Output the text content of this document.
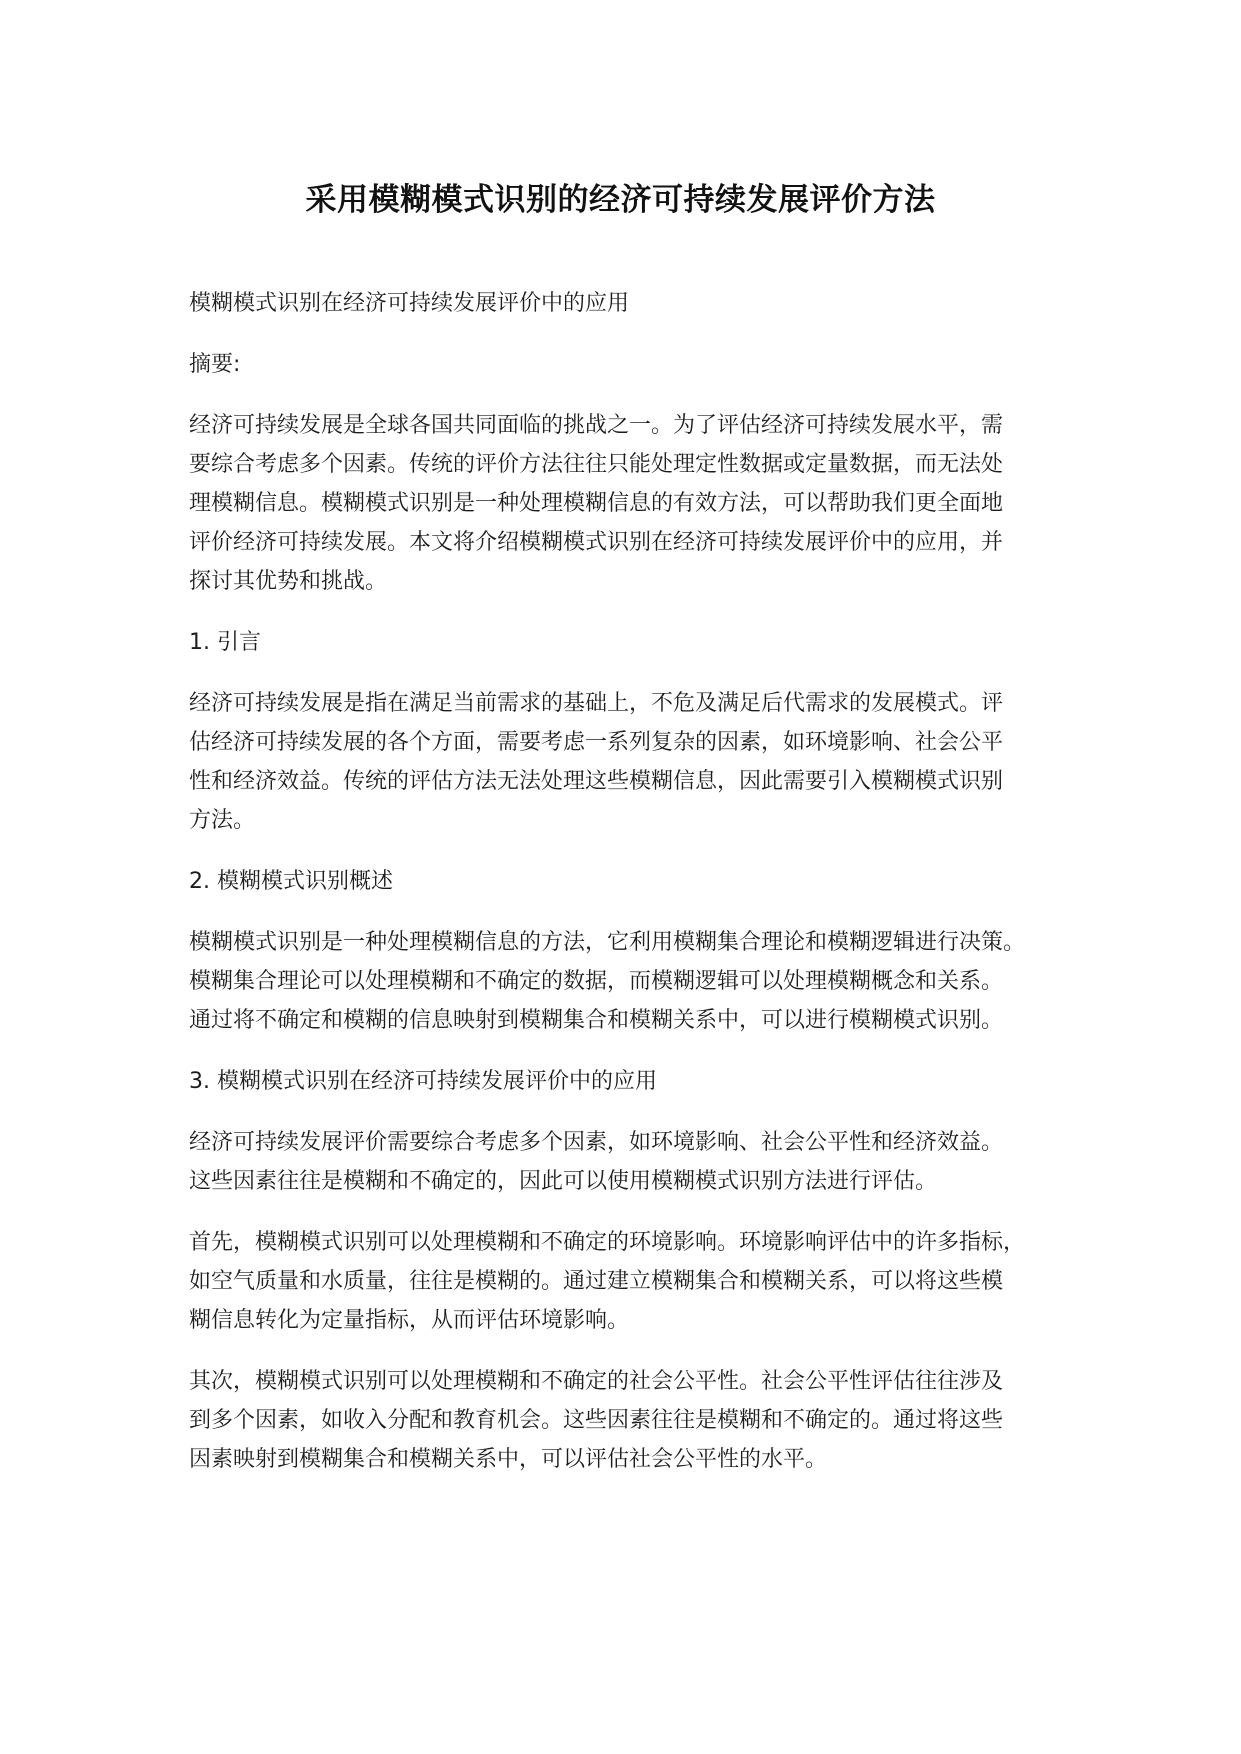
采用模糊模式识别的经济可持续发展评价方法

模糊模式识别在经济可持续发展评价中的应用

摘要:

经济可持续发展是全球各国共同面临的挑战之一。为了评估经济可持续发展水平，需
要综合考虑多个因素。传统的评价方法往往只能处理定性数据或定量数据，而无法处
理模糊信息。模糊模式识别是一种处理模糊信息的有效方法，可以帮助我们更全面地
评价经济可持续发展。本文将介绍模糊模式识别在经济可持续发展评价中的应用，并
探讨其优势和挑战。

1. 引言

经济可持续发展是指在满足当前需求的基础上，不危及满足后代需求的发展模式。评
估经济可持续发展的各个方面，需要考虑一系列复杂的因素，如环境影响、社会公平
性和经济效益。传统的评估方法无法处理这些模糊信息，因此需要引入模糊模式识别
方法。

2. 模糊模式识别概述

模糊模式识别是一种处理模糊信息的方法，它利用模糊集合理论和模糊逻辑进行决策。
模糊集合理论可以处理模糊和不确定的数据，而模糊逻辑可以处理模糊概念和关系。
通过将不确定和模糊的信息映射到模糊集合和模糊关系中，可以进行模糊模式识别。

3. 模糊模式识别在经济可持续发展评价中的应用

经济可持续发展评价需要综合考虑多个因素，如环境影响、社会公平性和经济效益。
这些因素往往是模糊和不确定的，因此可以使用模糊模式识别方法进行评估。

首先，模糊模式识别可以处理模糊和不确定的环境影响。环境影响评估中的许多指标，
如空气质量和水质量，往往是模糊的。通过建立模糊集合和模糊关系，可以将这些模
糊信息转化为定量指标，从而评估环境影响。

其次，模糊模式识别可以处理模糊和不确定的社会公平性。社会公平性评估往往涉及
到多个因素，如收入分配和教育机会。这些因素往往是模糊和不确定的。通过将这些
因素映射到模糊集合和模糊关系中，可以评估社会公平性的水平。
